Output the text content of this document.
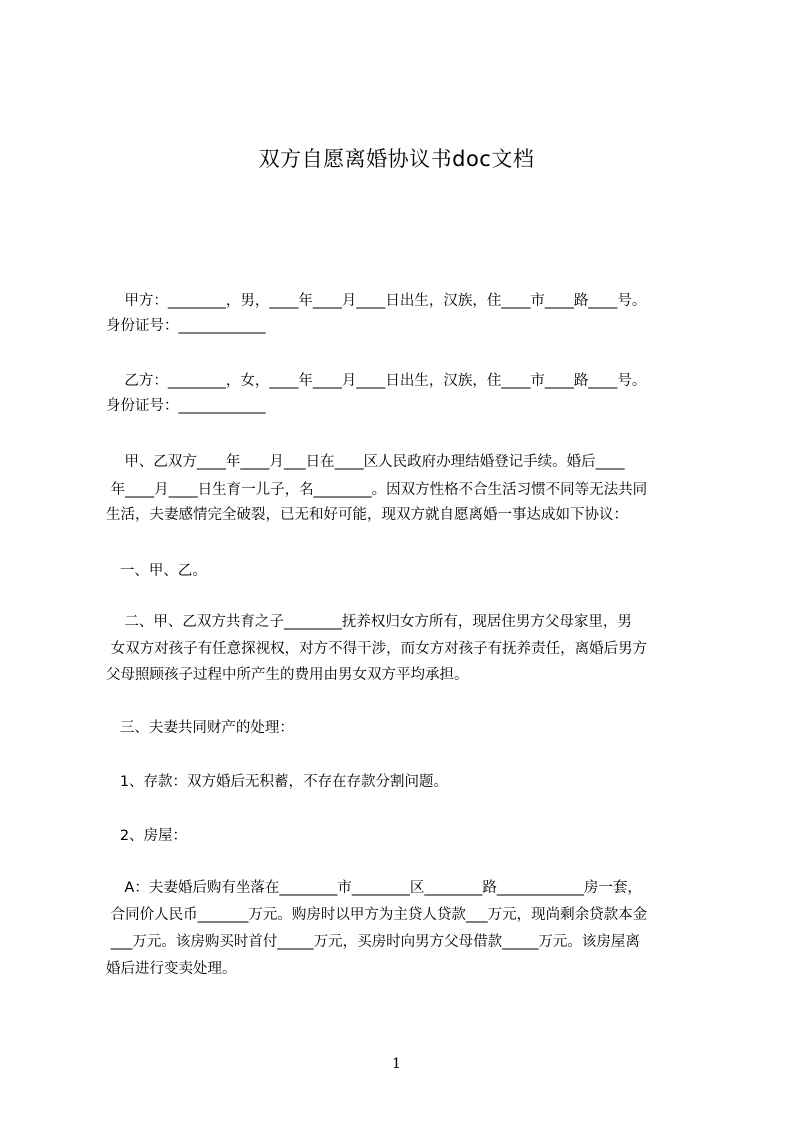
双方自愿离婚协议书doc文档
甲方：________，男，____年____月____日出生，汉族，住____市____路____号。
身份证号：____________
乙方：________，女，____年____月____日出生，汉族，住____市____路____号。
身份证号：____________
甲、乙双方____年____月___日在____区人民政府办理结婚登记手续。婚后____
年____月____日生育一儿子，名________。因双方性格不合生活习惯不同等无法共同
生活，夫妻感情完全破裂，已无和好可能，现双方就自愿离婚一事达成如下协议：
一、甲、乙。
二、甲、乙双方共育之子________抚养权归女方所有，现居住男方父母家里，男
女双方对孩子有任意探视权，对方不得干涉，而女方对孩子有抚养责任，离婚后男方
父母照顾孩子过程中所产生的费用由男女双方平均承担。
三、夫妻共同财产的处理：
1、存款：双方婚后无积蓄，不存在存款分割问题。
2、房屋：
A：夫妻婚后购有坐落在________市________区________路____________房一套，
合同价人民币_______万元。购房时以甲方为主贷人贷款___万元，现尚剩余贷款本金
___万元。该房购买时首付_____万元，买房时向男方父母借款_____万元。该房屋离
婚后进行变卖处理。
1
